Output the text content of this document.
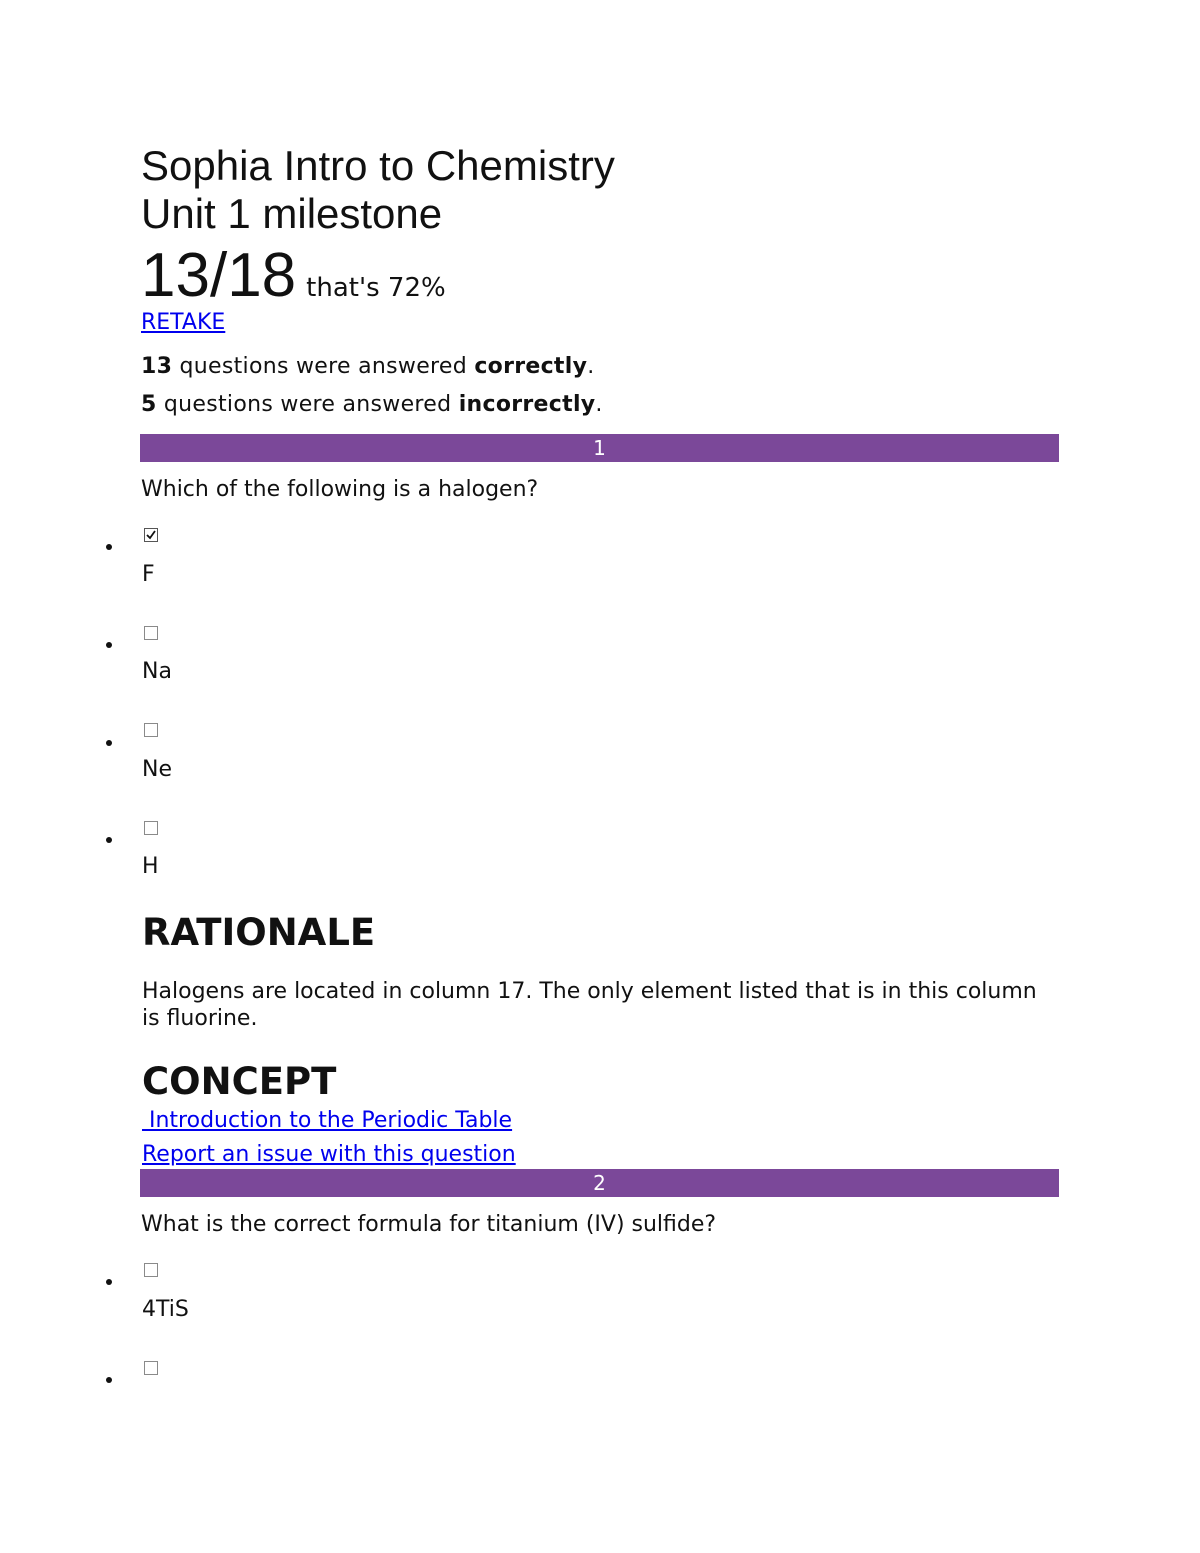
Sophia Intro to Chemistry
Unit 1 milestone
13/18 that's 72%
RETAKE
13 questions were answered correctly.
5 questions were answered incorrectly.
1
Which of the following is a halogen?
F
Na
Ne
H
RATIONALE
Halogens are located in column 17. The only element listed that is in this column is fluorine.
CONCEPT
Introduction to the Periodic Table
Report an issue with this question
2
What is the correct formula for titanium (IV) sulfide?
4TiS
